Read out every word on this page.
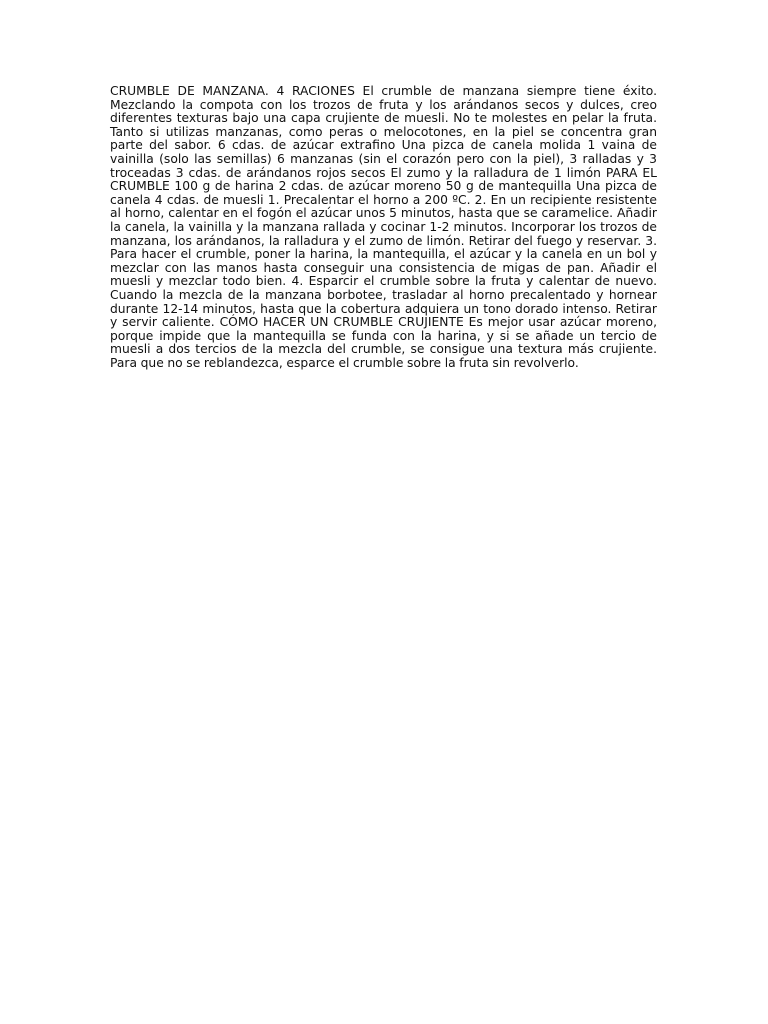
CRUMBLE DE MANZANA. 4 RACIONES El crumble de manzana siempre tiene éxito. Mezclando la compota con los trozos de fruta y los arándanos secos y dulces, creo diferentes texturas bajo una capa crujiente de muesli. No te molestes en pelar la fruta. Tanto si utilizas manzanas, como peras o melocotones, en la piel se concentra gran parte del sabor. 6 cdas. de azúcar extrafino Una pizca de canela molida 1 vaina de vainilla (solo las semillas) 6 manzanas (sin el corazón pero con la piel), 3 ralladas y 3 troceadas 3 cdas. de arándanos rojos secos El zumo y la ralladura de 1 limón PARA EL CRUMBLE 100 g de harina 2 cdas. de azúcar moreno 50 g de mantequilla Una pizca de canela 4 cdas. de muesli 1. Precalentar el horno a 200 ºC. 2. En un recipiente resistente al horno, calentar en el fogón el azúcar unos 5 minutos, hasta que se caramelice. Añadir la canela, la vainilla y la manzana rallada y cocinar 1-2 minutos. Incorporar los trozos de manzana, los arándanos, la ralladura y el zumo de limón. Retirar del fuego y reservar. 3. Para hacer el crumble, poner la harina, la mantequilla, el azúcar y la canela en un bol y mezclar con las manos hasta conseguir una consistencia de migas de pan. Añadir el muesli y mezclar todo bien. 4. Esparcir el crumble sobre la fruta y calentar de nuevo. Cuando la mezcla de la manzana borbotee, trasladar al horno precalentado y hornear durante 12-14 minutos, hasta que la cobertura adquiera un tono dorado intenso. Retirar y servir caliente. CÓMO HACER UN CRUMBLE CRUJIENTE Es mejor usar azúcar moreno, porque impide que la mantequilla se funda con la harina, y si se añade un tercio de muesli a dos tercios de la mezcla del crumble, se consigue una textura más crujiente. Para que no se reblandezca, esparce el crumble sobre la fruta sin revolverlo.
